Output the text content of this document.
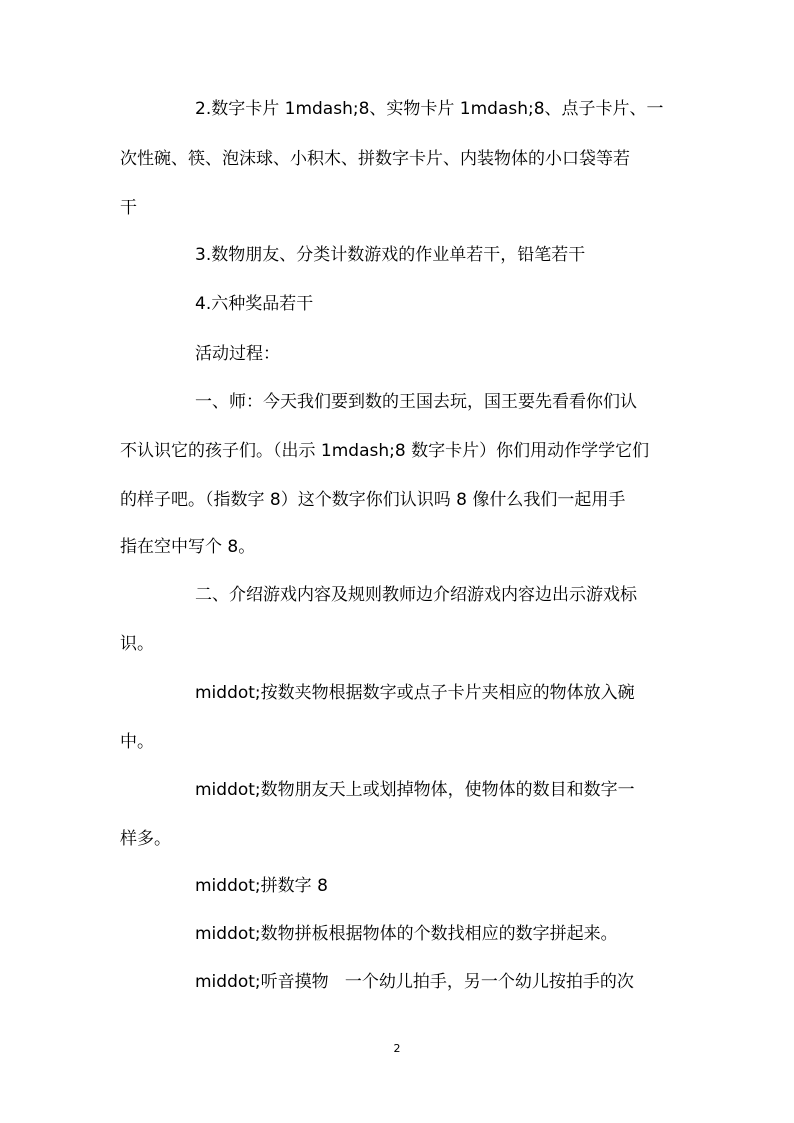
2.数字卡片 1mdash;8、实物卡片 1mdash;8、点子卡片、一
次性碗、筷、泡沫球、小积木、拼数字卡片、内装物体的小口袋等若
干
3.数物朋友、分类计数游戏的作业单若干，铅笔若干
4.六种奖品若干
活动过程：
一、师：今天我们要到数的王国去玩，国王要先看看你们认
不认识它的孩子们。（出示 1mdash;8 数字卡片）你们用动作学学它们
的样子吧。（指数字 8）这个数字你们认识吗 8 像什么我们一起用手
指在空中写个 8。
二、介绍游戏内容及规则教师边介绍游戏内容边出示游戏标
识。
middot;按数夹物根据数字或点子卡片夹相应的物体放入碗
中。
middot;数物朋友天上或划掉物体，使物体的数目和数字一
样多。
middot;拼数字 8
middot;数物拼板根据物体的个数找相应的数字拼起来。
middot;听音摸物   一个幼儿拍手，另一个幼儿按拍手的次
2
